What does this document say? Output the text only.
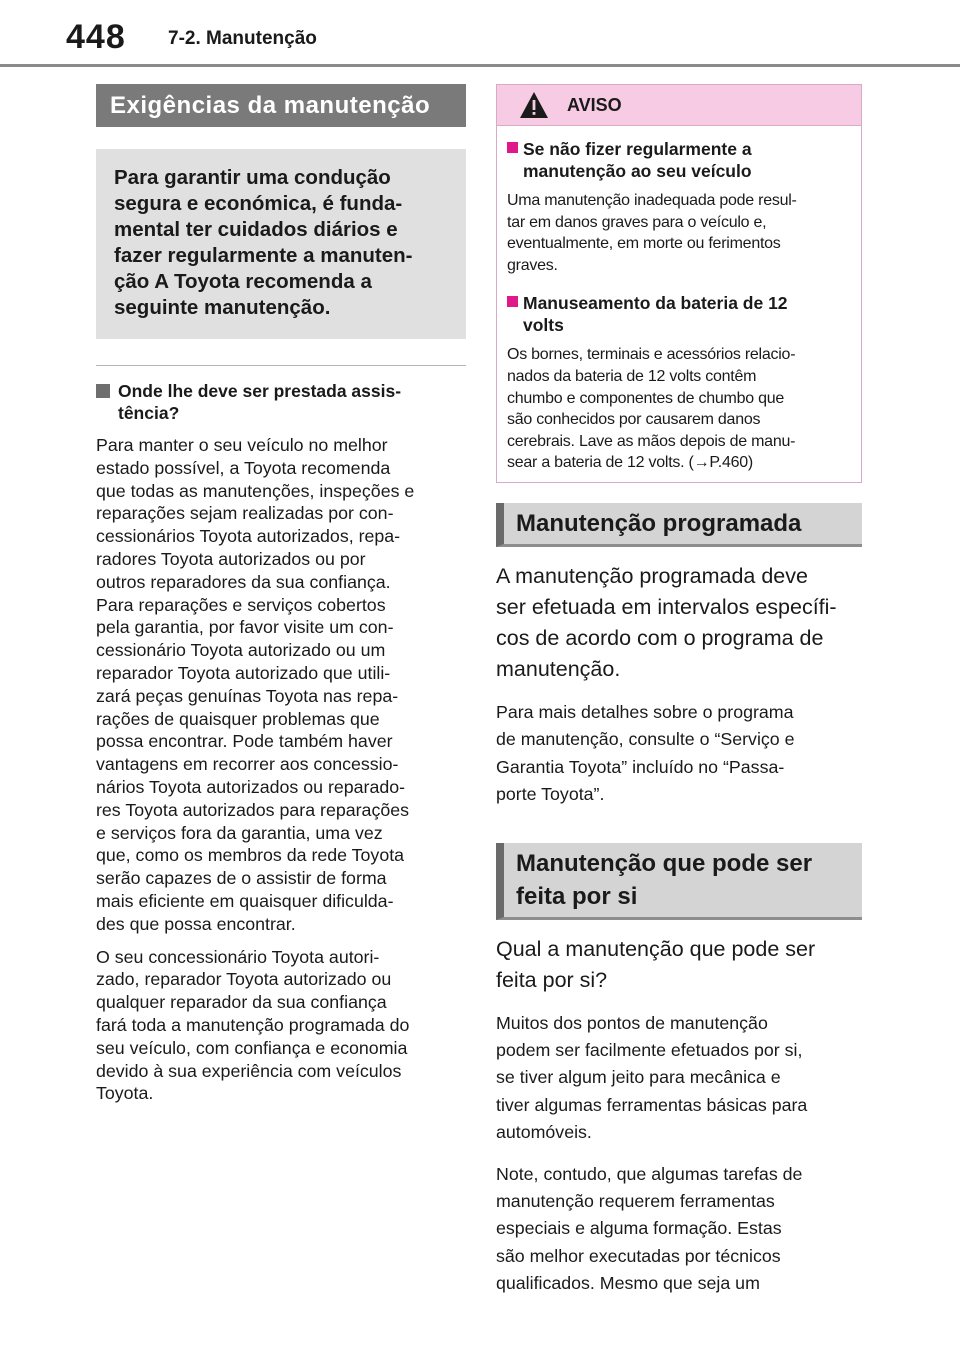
448 7-2. Manutenção
Exigências da manutenção
Para garantir uma condução
segura e económica, é funda-
mental ter cuidados diários e
fazer regularmente a manuten-
ção A Toyota recomenda a
seguinte manutenção.
Onde lhe deve ser prestada assis-
tência?
Para manter o seu veículo no melhor
estado possível, a Toyota recomenda
que todas as manutenções, inspeções e
reparações sejam realizadas por con-
cessionários Toyota autorizados, repa-
radores Toyota autorizados ou por
outros reparadores da sua confiança.
Para reparações e serviços cobertos
pela garantia, por favor visite um con-
cessionário Toyota autorizado ou um
reparador Toyota autorizado que utili-
zará peças genuínas Toyota nas repa-
rações de quaisquer problemas que
possa encontrar. Pode também haver
vantagens em recorrer aos concessio-
nários Toyota autorizados ou reparado-
res Toyota autorizados para reparações
e serviços fora da garantia, uma vez
que, como os membros da rede Toyota
serão capazes de o assistir de forma
mais eficiente em quaisquer dificulda-
des que possa encontrar.
O seu concessionário Toyota autori-
zado, reparador Toyota autorizado ou
qualquer reparador da sua confiança
fará toda a manutenção programada do
seu veículo, com confiança e economia
devido à sua experiência com veículos
Toyota.
AVISO
Se não fizer regularmente a
manutenção ao seu veículo
Uma manutenção inadequada pode resul-
tar em danos graves para o veículo e,
eventualmente, em morte ou ferimentos
graves.
Manuseamento da bateria de 12
volts
Os bornes, terminais e acessórios relacio-
nados da bateria de 12 volts contêm
chumbo e componentes de chumbo que
são conhecidos por causarem danos
cerebrais. Lave as mãos depois de manu-
sear a bateria de 12 volts. (→P.460)
Manutenção programada
A manutenção programada deve
ser efetuada em intervalos específi-
cos de acordo com o programa de
manutenção.
Para mais detalhes sobre o programa
de manutenção, consulte o “Serviço e
Garantia Toyota” incluído no “Passa-
porte Toyota”.
Manutenção que pode ser
feita por si
Qual a manutenção que pode ser
feita por si?
Muitos dos pontos de manutenção
podem ser facilmente efetuados por si,
se tiver algum jeito para mecânica e
tiver algumas ferramentas básicas para
automóveis.
Note, contudo, que algumas tarefas de
manutenção requerem ferramentas
especiais e alguma formação. Estas
são melhor executadas por técnicos
qualificados. Mesmo que seja um
